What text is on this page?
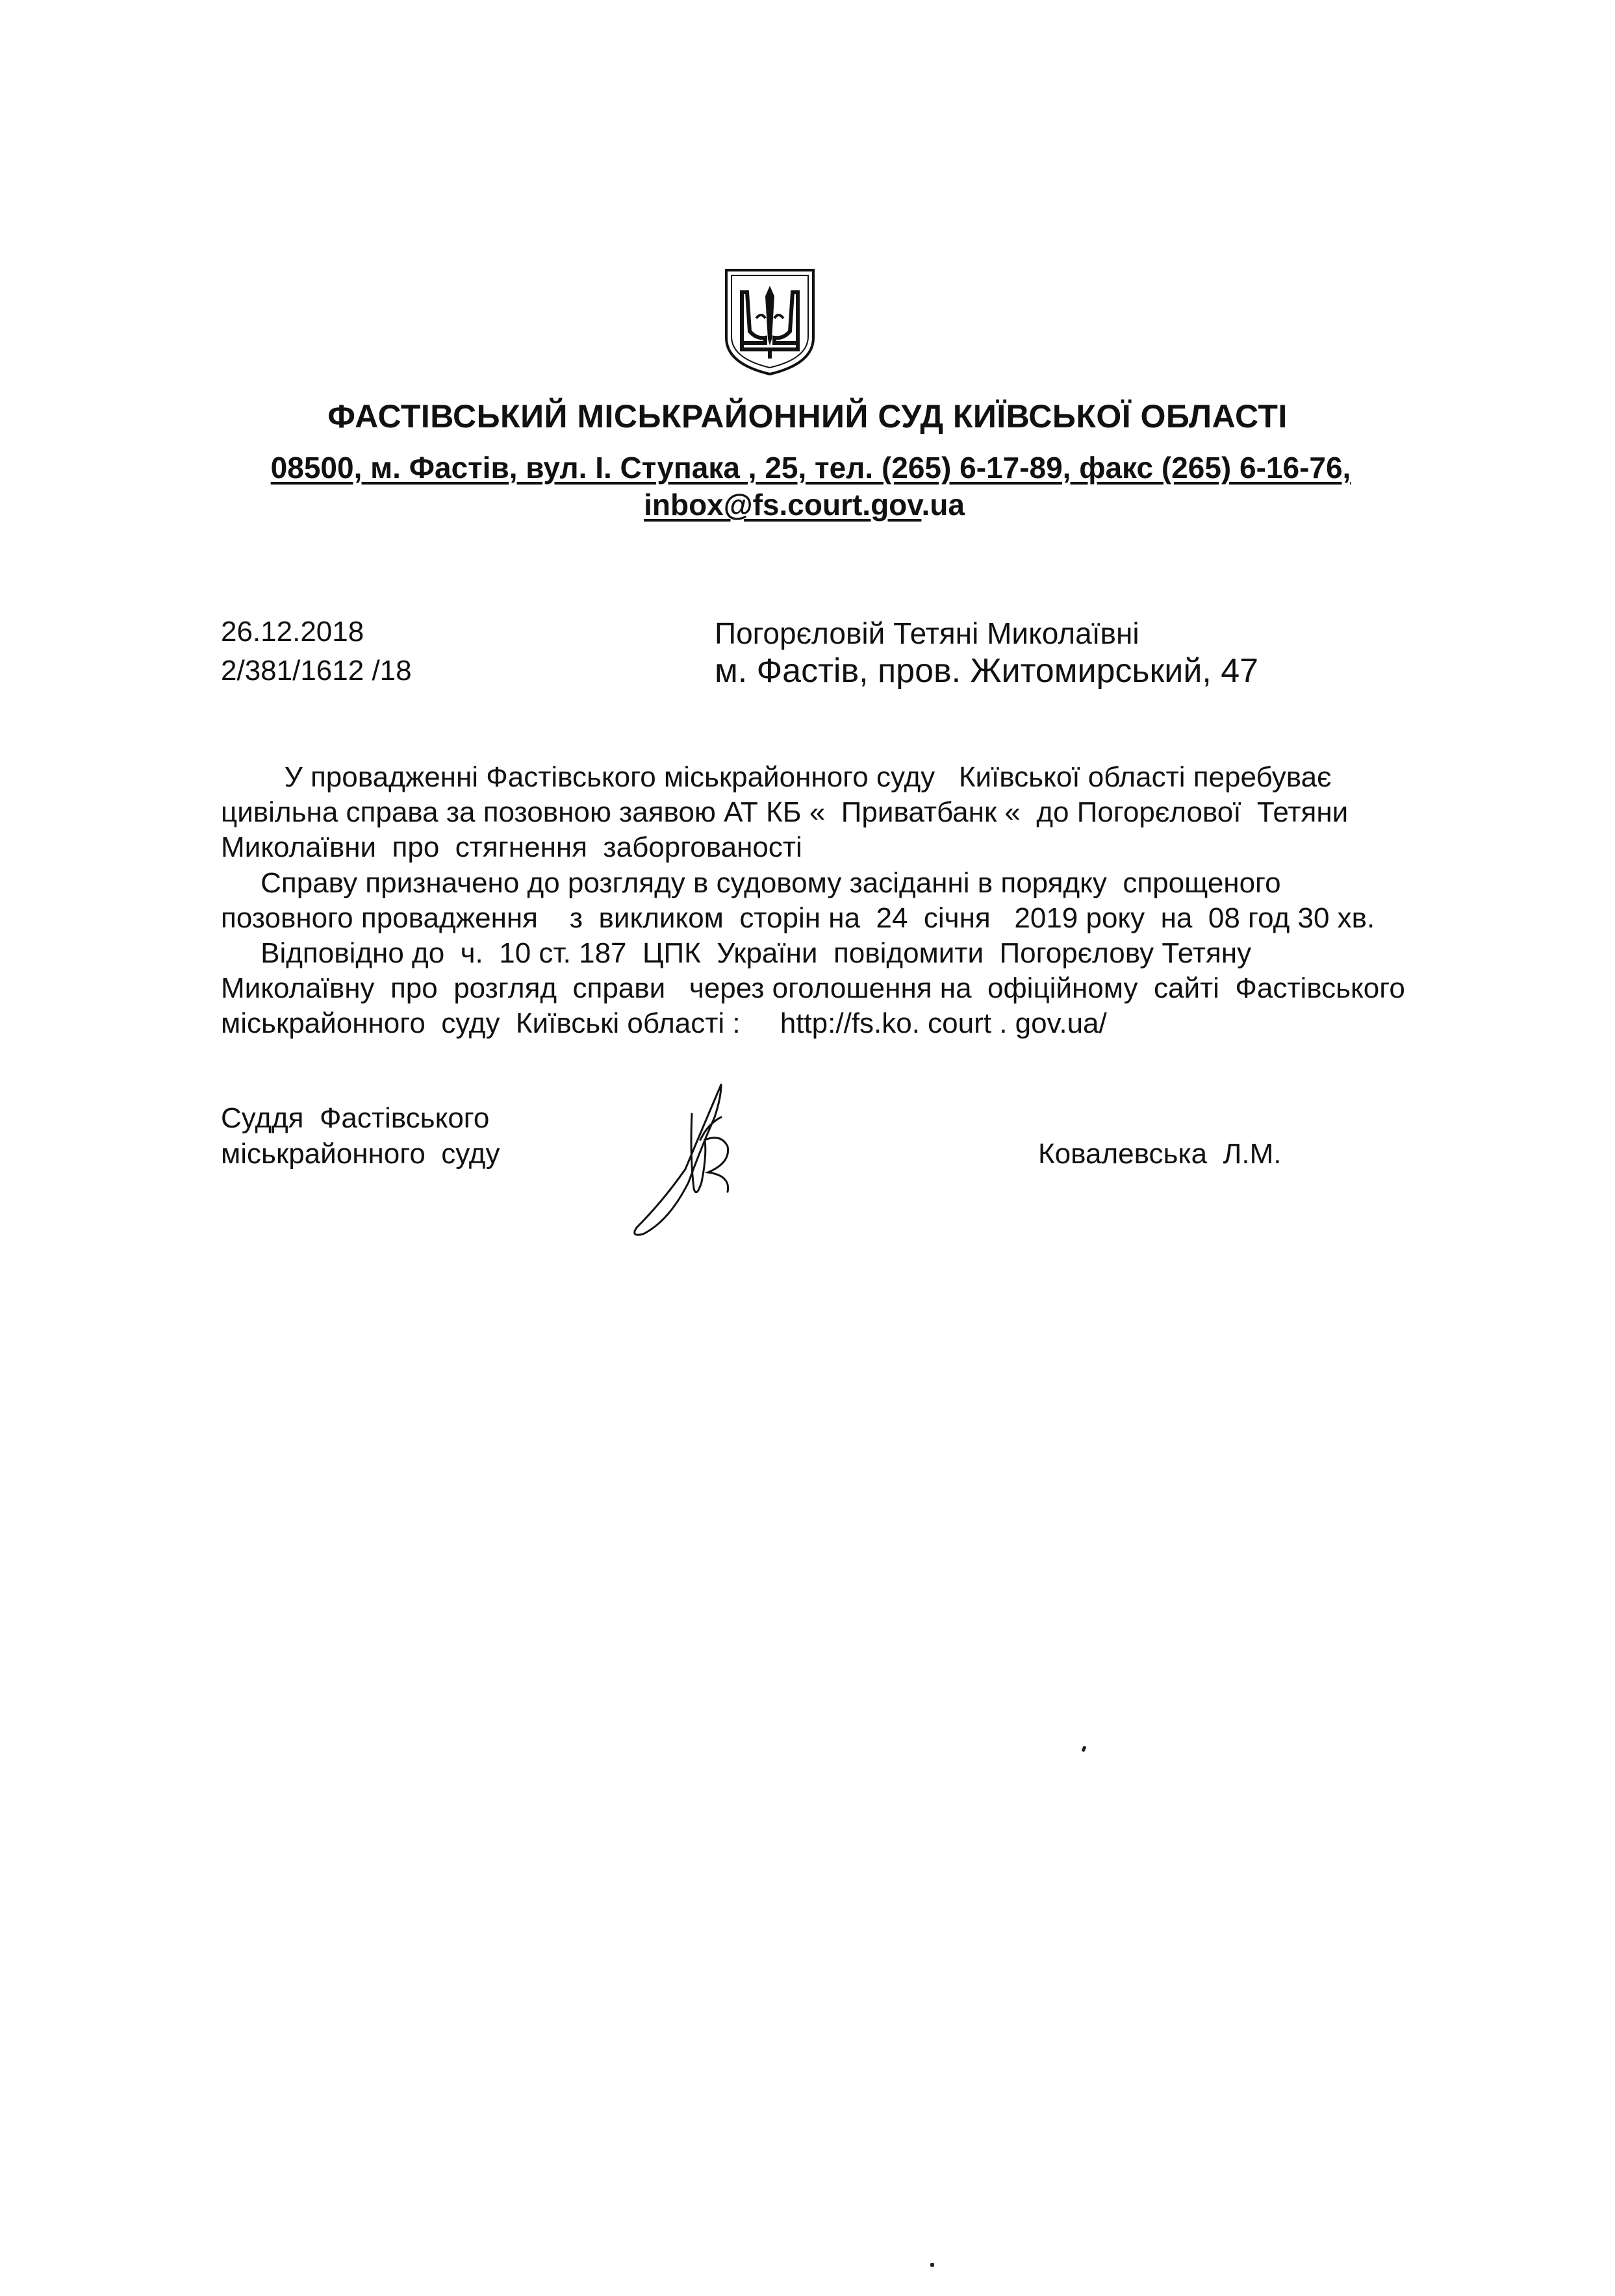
ФАСТІВСЬКИЙ МІСЬКРАЙОННИЙ СУД КИЇВСЬКОЇ ОБЛАСТІ
08500, м. Фастів, вул. І. Ступака , 25, тел. (265) 6-17-89, факс (265) 6-16-76,
inbox@fs.court.gov.ua
26.12.2018
2/381/1612 /18
Погорєловій Тетяні Миколаївні
м. Фастів, пров. Житомирський, 47
У провадженні Фастівського міськрайонного суду   Київської області перебуває
цивільна справа за позовною заявою АТ КБ «  Приватбанк «  до Погорєлової  Тетяни
Миколаївни  про  стягнення  заборгованості
Справу призначено до розгляду в судовому засіданні в порядку  спрощеного
позовного провадження    з  викликом  сторін на  24  січня   2019 року  на  08 год 30 хв.
Відповідно до  ч.  10 ст. 187  ЦПК  України  повідомити  Погорєлову Тетяну
Миколаївну  про  розгляд  справи   через оголошення на  офіційному  сайті  Фастівського
міськрайонного  суду  Київські області :     http://fs.ko. court . gov.ua/
Суддя  Фастівського
міськрайонного  суду	Ковалевська  Л.М.
